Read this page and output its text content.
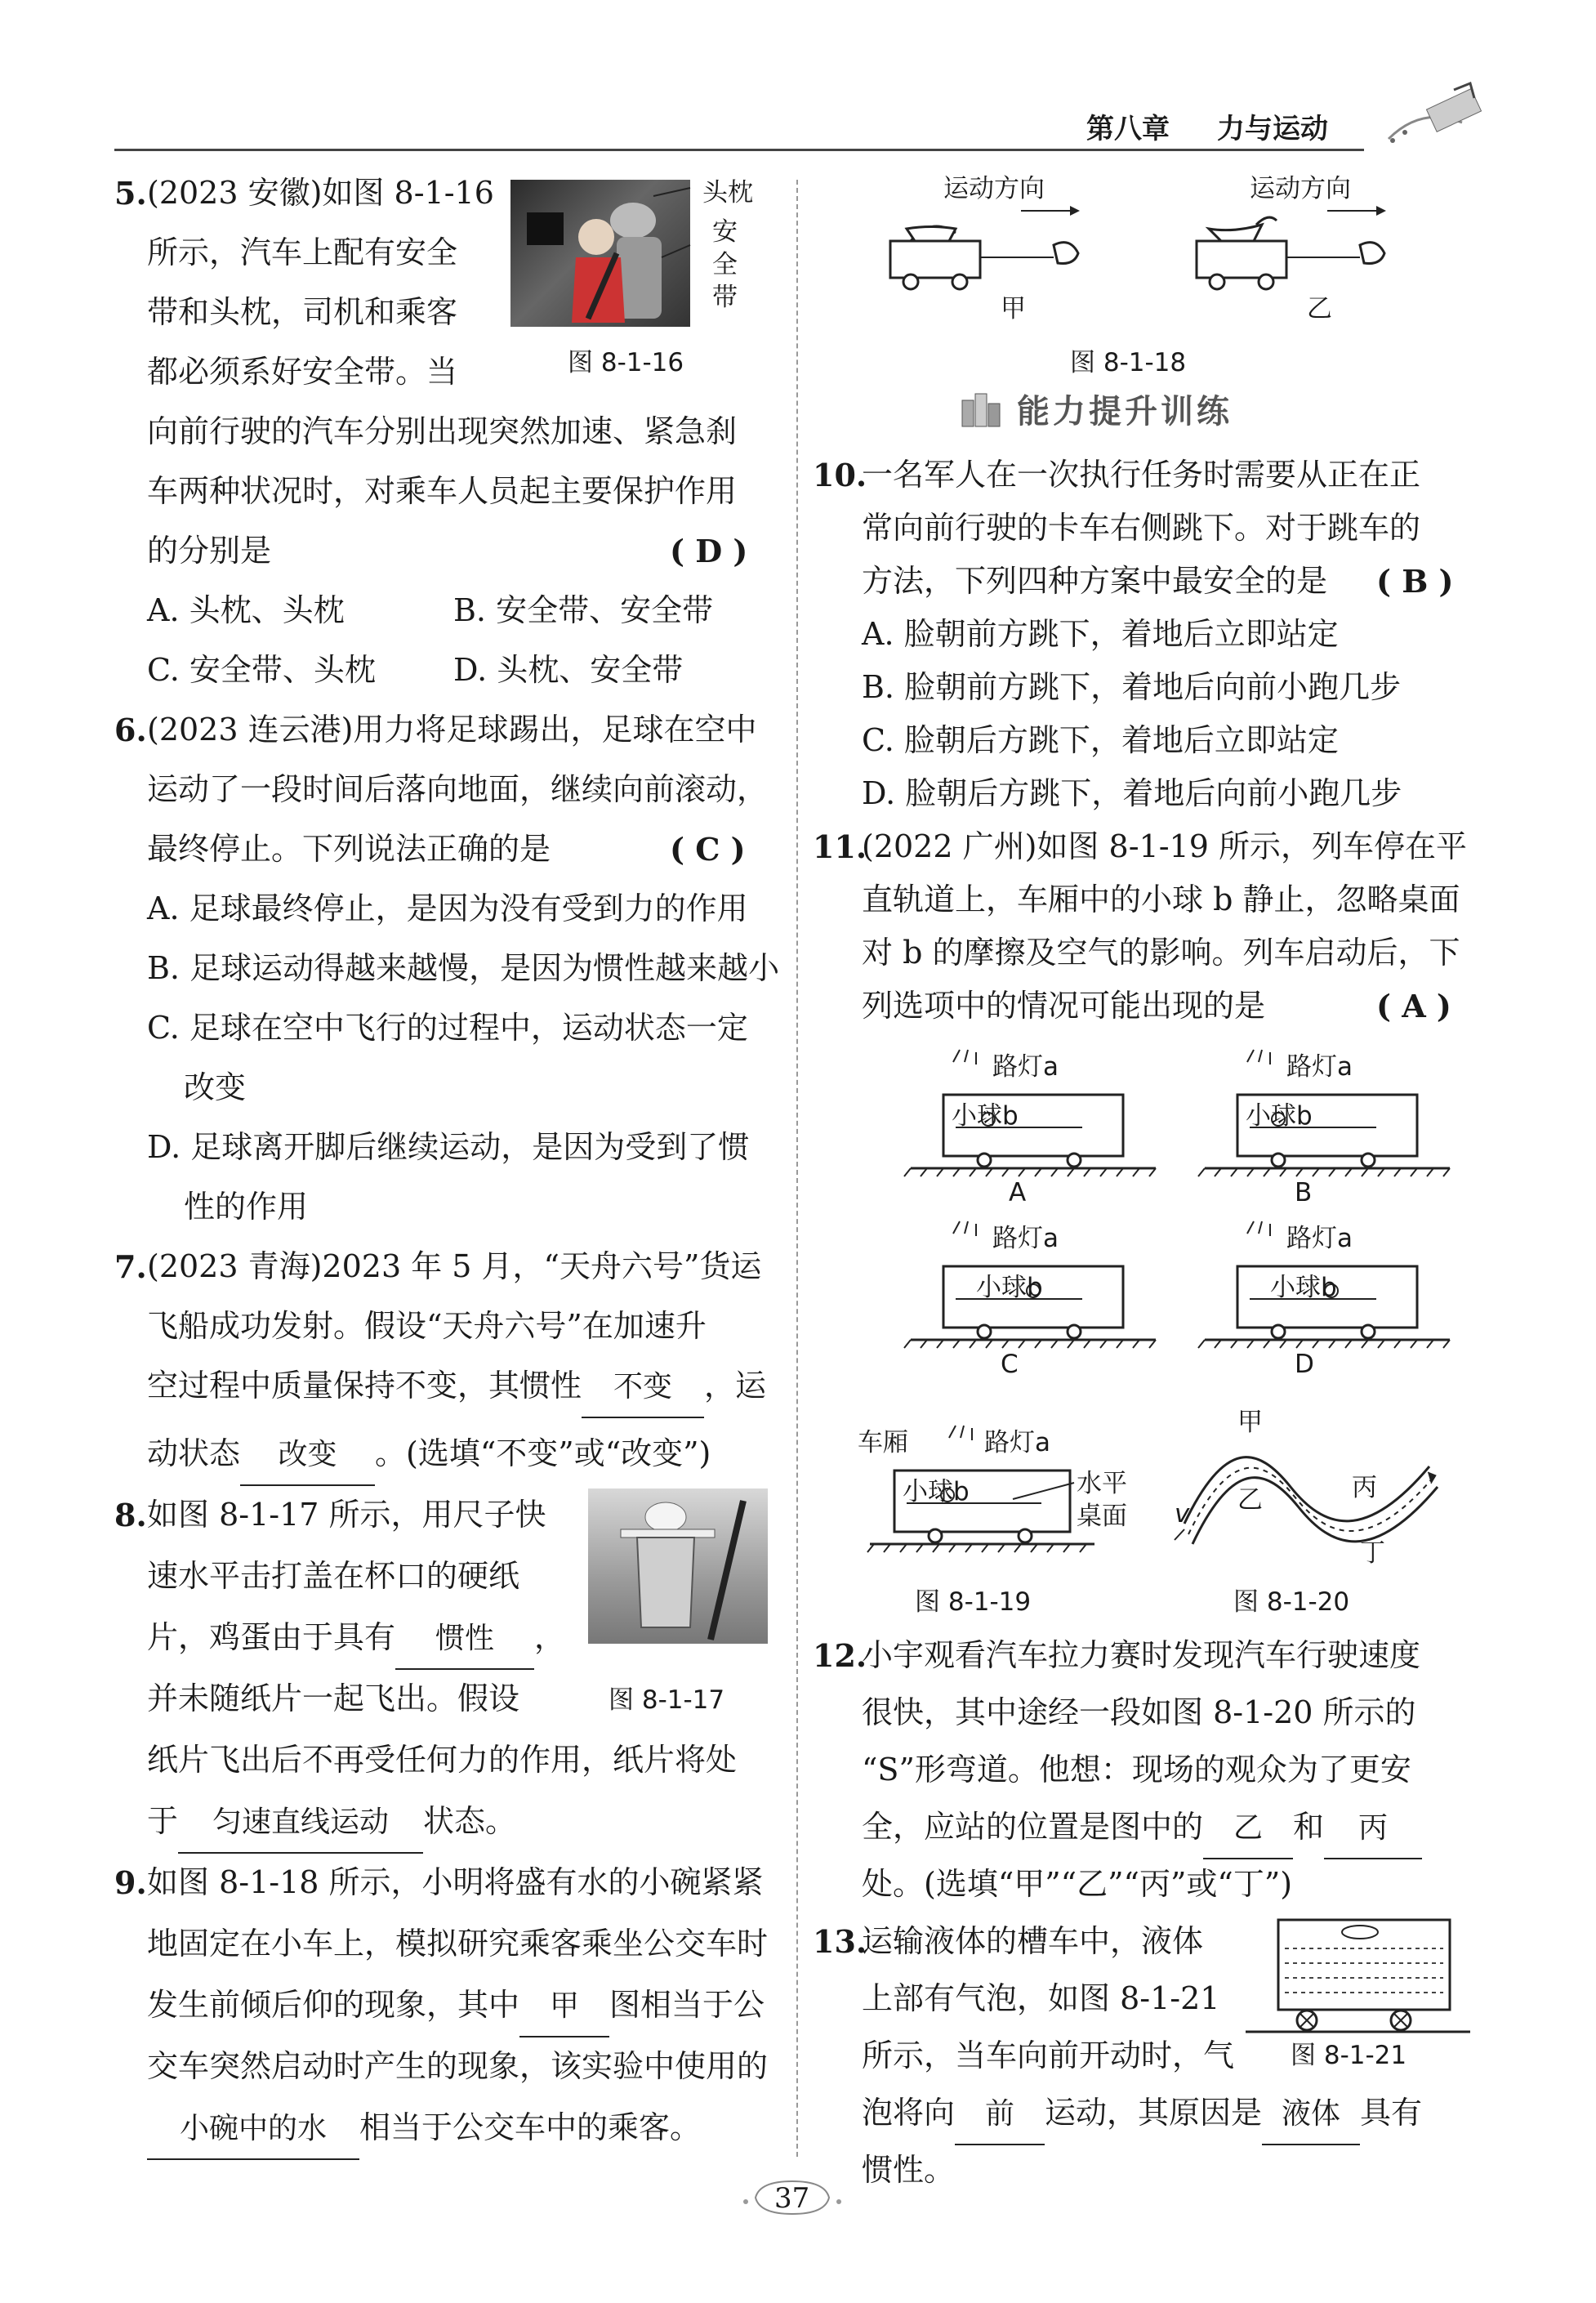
第八章 力与运动
5. (2023 安徽)如图 8-1-16
所示，汽车上配有安全
带和头枕，司机和乘客
都必须系好安全带。当
向前行驶的汽车分别出现突然加速、紧急刹
车两种状况时，对乘车人员起主要保护作用
的分别是	( D )
A. 头枕、头枕	B. 安全带、安全带
C. 安全带、头枕	D. 头枕、安全带
头枕
安
全
带
图 8-1-16
6. (2023 连云港)用力将足球踢出，足球在空中
运动了一段时间后落向地面，继续向前滚动，
最终停止。下列说法正确的是	( C )
A. 足球最终停止，是因为没有受到力的作用
B. 足球运动得越来越慢，是因为惯性越来越小
C. 足球在空中飞行的过程中，运动状态一定
改变
D. 足球离开脚后继续运动，是因为受到了惯
性的作用
7. (2023 青海)2023 年 5 月，“天舟六号”货运
飞船成功发射。假设“天舟六号”在加速升
空过程中质量保持不变，其惯性 不变 ，运
动状态 改变 。(选填“不变”或“改变”)
8. 如图 8-1-17 所示，用尺子快
速水平击打盖在杯口的硬纸
片，鸡蛋由于具有 惯性 ，
并未随纸片一起飞出。假设
纸片飞出后不再受任何力的作用，纸片将处
于 匀速直线运动 状态。
图 8-1-17
9. 如图 8-1-18 所示，小明将盛有水的小碗紧紧
地固定在小车上，模拟研究乘客乘坐公交车时
发生前倾后仰的现象，其中 甲 图相当于公
交车突然启动时产生的现象，该实验中使用的
小碗中的水 相当于公交车中的乘客。
运动方向	运动方向
甲	乙
图 8-1-18
能力提升训练
10.
一名军人在一次执行任务时需要从正在正
常向前行驶的卡车右侧跳下。对于跳车的
方法，下列四种方案中最安全的是 ( B )
A. 脸朝前方跳下，着地后立即站定
B. 脸朝前方跳下，着地后向前小跑几步
C. 脸朝后方跳下，着地后立即站定
D. 脸朝后方跳下，着地后向前小跑几步
11.
(2022 广州)如图 8-1-19 所示，列车停在平
直轨道上，车厢中的小球 b 静止，忽略桌面
对 b 的摩擦及空气的影响。列车启动后，下
列选项中的情况可能出现的是	( A )
路灯a
小球b
A
路灯a
小球b
B
路灯a
小球b
C
路灯a
小球b
D
车厢	路灯a
小球b	水平
桌面
图 8-1-19
甲
乙	丙
丁
v
图 8-1-20
12.
小宇观看汽车拉力赛时发现汽车行驶速度
很快，其中途经一段如图 8-1-20 所示的
“S”形弯道。他想：现场的观众为了更安
全，应站的位置是图中的 乙 和 丙
处。(选填“甲”“乙”“丙”或“丁”)
13.
运输液体的槽车中，液体
上部有气泡，如图 8-1-21
所示，当车向前开动时，气
泡将向 前 运动，其原因是 液体 具有
惯性。
图 8-1-21
37
